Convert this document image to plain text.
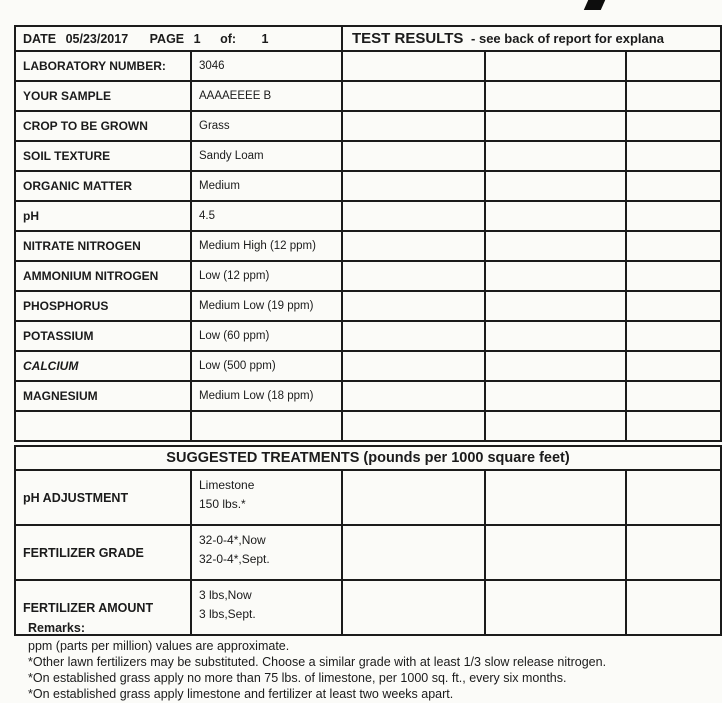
DATE 05/23/2017 PAGE 1 of: 1		TEST RESULTS - see back of report for explana		
LABORATORY NUMBER:	3046			
YOUR SAMPLE	AAAAEEEE B			
CROP TO BE GROWN	Grass			
SOIL TEXTURE	Sandy Loam			
ORGANIC MATTER	Medium			
pH	4.5			
NITRATE NITROGEN	Medium High (12 ppm)			
AMMONIUM NITROGEN	Low (12 ppm)			
PHOSPHORUS	Medium Low (19 ppm)			
POTASSIUM	Low (60 ppm)			
CALCIUM	Low (500 ppm)			
MAGNESIUM	Medium Low (18 ppm)			

SUGGESTED TREATMENTS (pounds per 1000 square feet)				
pH ADJUSTMENT	Limestone
150 lbs.*			

FERTILIZER GRADE	32-0-4*,Now
32-0-4*,Sept.			

FERTILIZER AMOUNT	3 lbs,Now
3 lbs,Sept.			

Remarks:
ppm (parts per million) values are approximate.
*Other lawn fertilizers may be substituted. Choose a similar grade with at least 1/3 slow release nitrogen.
*On established grass apply no more than 75 lbs. of limestone, per 1000 sq. ft., every six months.
*On established grass apply limestone and fertilizer at least two weeks apart.
